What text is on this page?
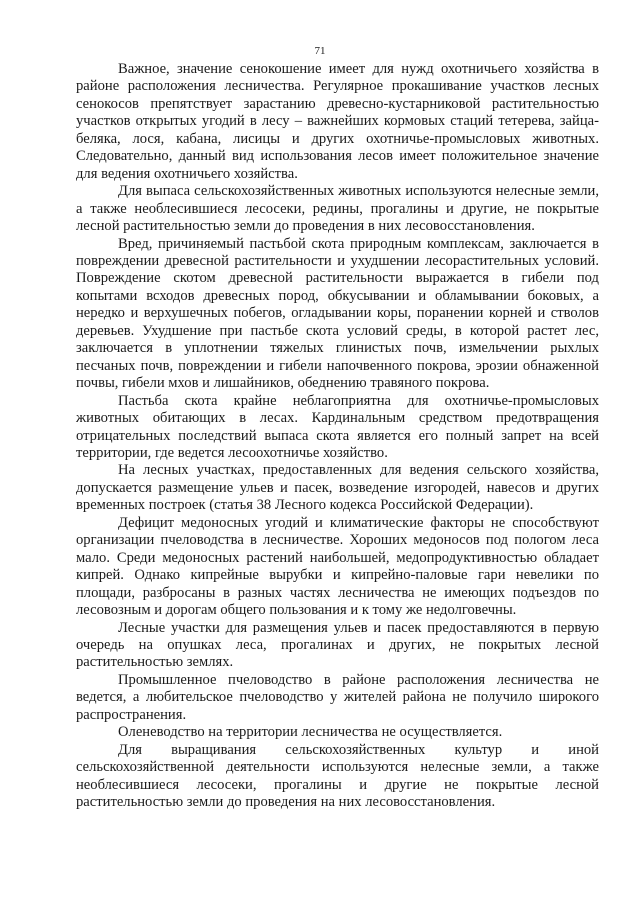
71

Важное, значение сенокошение имеет для нужд охотничьего хозяйства в районе расположения лесничества. Регулярное прокашивание участков лесных сенокосов препятствует зарастанию древесно-кустарниковой растительностью участков открытых угодий в лесу – важнейших кормовых стаций тетерева, зайца-беляка, лося, кабана, лисицы и других охотничье-промысловых животных. Следовательно, данный вид использования лесов имеет положительное значение для ведения охотничьего хозяйства.

Для выпаса сельскохозяйственных животных используются нелесные земли, а также необлесившиеся лесосеки, редины, прогалины и другие, не покрытые лесной растительностью земли до проведения в них лесовосстановления.

Вред, причиняемый пастьбой скота природным комплексам, заключается в повреждении древесной растительности и ухудшении лесорастительных условий. Повреждение скотом древесной растительности выражается в гибели под копытами всходов древесных пород, обкусывании и обламывании боковых, а нередко и верхушечных побегов, огладывании коры, поранении корней и стволов деревьев. Ухудшение при пастьбе скота условий среды, в которой растет лес, заключается в уплотнении тяжелых глинистых почв, измельчении рыхлых песчаных почв, повреждении и гибели напочвенного покрова, эрозии обнаженной почвы, гибели мхов и лишайников, обеднению травяного покрова.

Пастьба скота крайне неблагоприятна для охотничье-промысловых животных обитающих в лесах. Кардинальным средством предотвращения отрицательных последствий выпаса скота является его полный запрет на всей территории, где ведется лесоохотничье хозяйство.

На лесных участках, предоставленных для ведения сельского хозяйства, допускается размещение ульев и пасек, возведение изгородей, навесов и других временных построек (статья 38 Лесного кодекса Российской Федерации).

Дефицит медоносных угодий и климатические факторы не способствуют организации пчеловодства в лесничестве. Хороших медоносов под пологом леса мало. Среди медоносных растений наибольшей, медопродуктивностью обладает кипрей. Однако кипрейные вырубки и кипрейно-паловые гари невелики по площади, разбросаны в разных частях лесничества не имеющих подъездов по лесовозным и дорогам общего пользования и к тому же недолговечны.

Лесные участки для размещения ульев и пасек предоставляются в первую очередь на опушках леса, прогалинах и других, не покрытых лесной растительностью землях.

Промышленное пчеловодство в районе расположения лесничества не ведется, а любительское пчеловодство у жителей района не получило широкого распространения.

Оленеводство на территории лесничества не осуществляется.

Для выращивания сельскохозяйственных культур и иной сельскохозяйственной деятельности используются нелесные земли, а также необлесившиеся лесосеки, прогалины и другие не покрытые лесной растительностью земли до проведения на них лесовосстановления.
